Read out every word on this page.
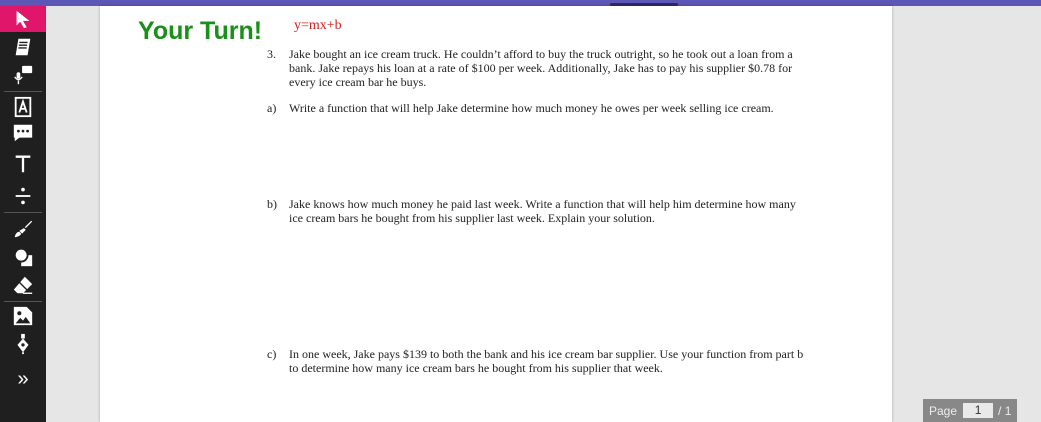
»
Your Turn! y=mx+b
3. Jake bought an ice cream truck. He couldn’t afford to buy the truck outright, so he took out a loan from a bank. Jake repays his loan at a rate of $100 per week. Additionally, Jake has to pay his supplier $0.78 for every ice cream bar he buys.
a) Write a function that will help Jake determine how much money he owes per week selling ice cream.
b) Jake knows how much money he paid last week. Write a function that will help him determine how many ice cream bars he bought from his supplier last week. Explain your solution.
c) In one week, Jake pays $139 to both the bank and his ice cream bar supplier. Use your function from part b to determine how many ice cream bars he bought from his supplier that week.
Page	1	/ 1
